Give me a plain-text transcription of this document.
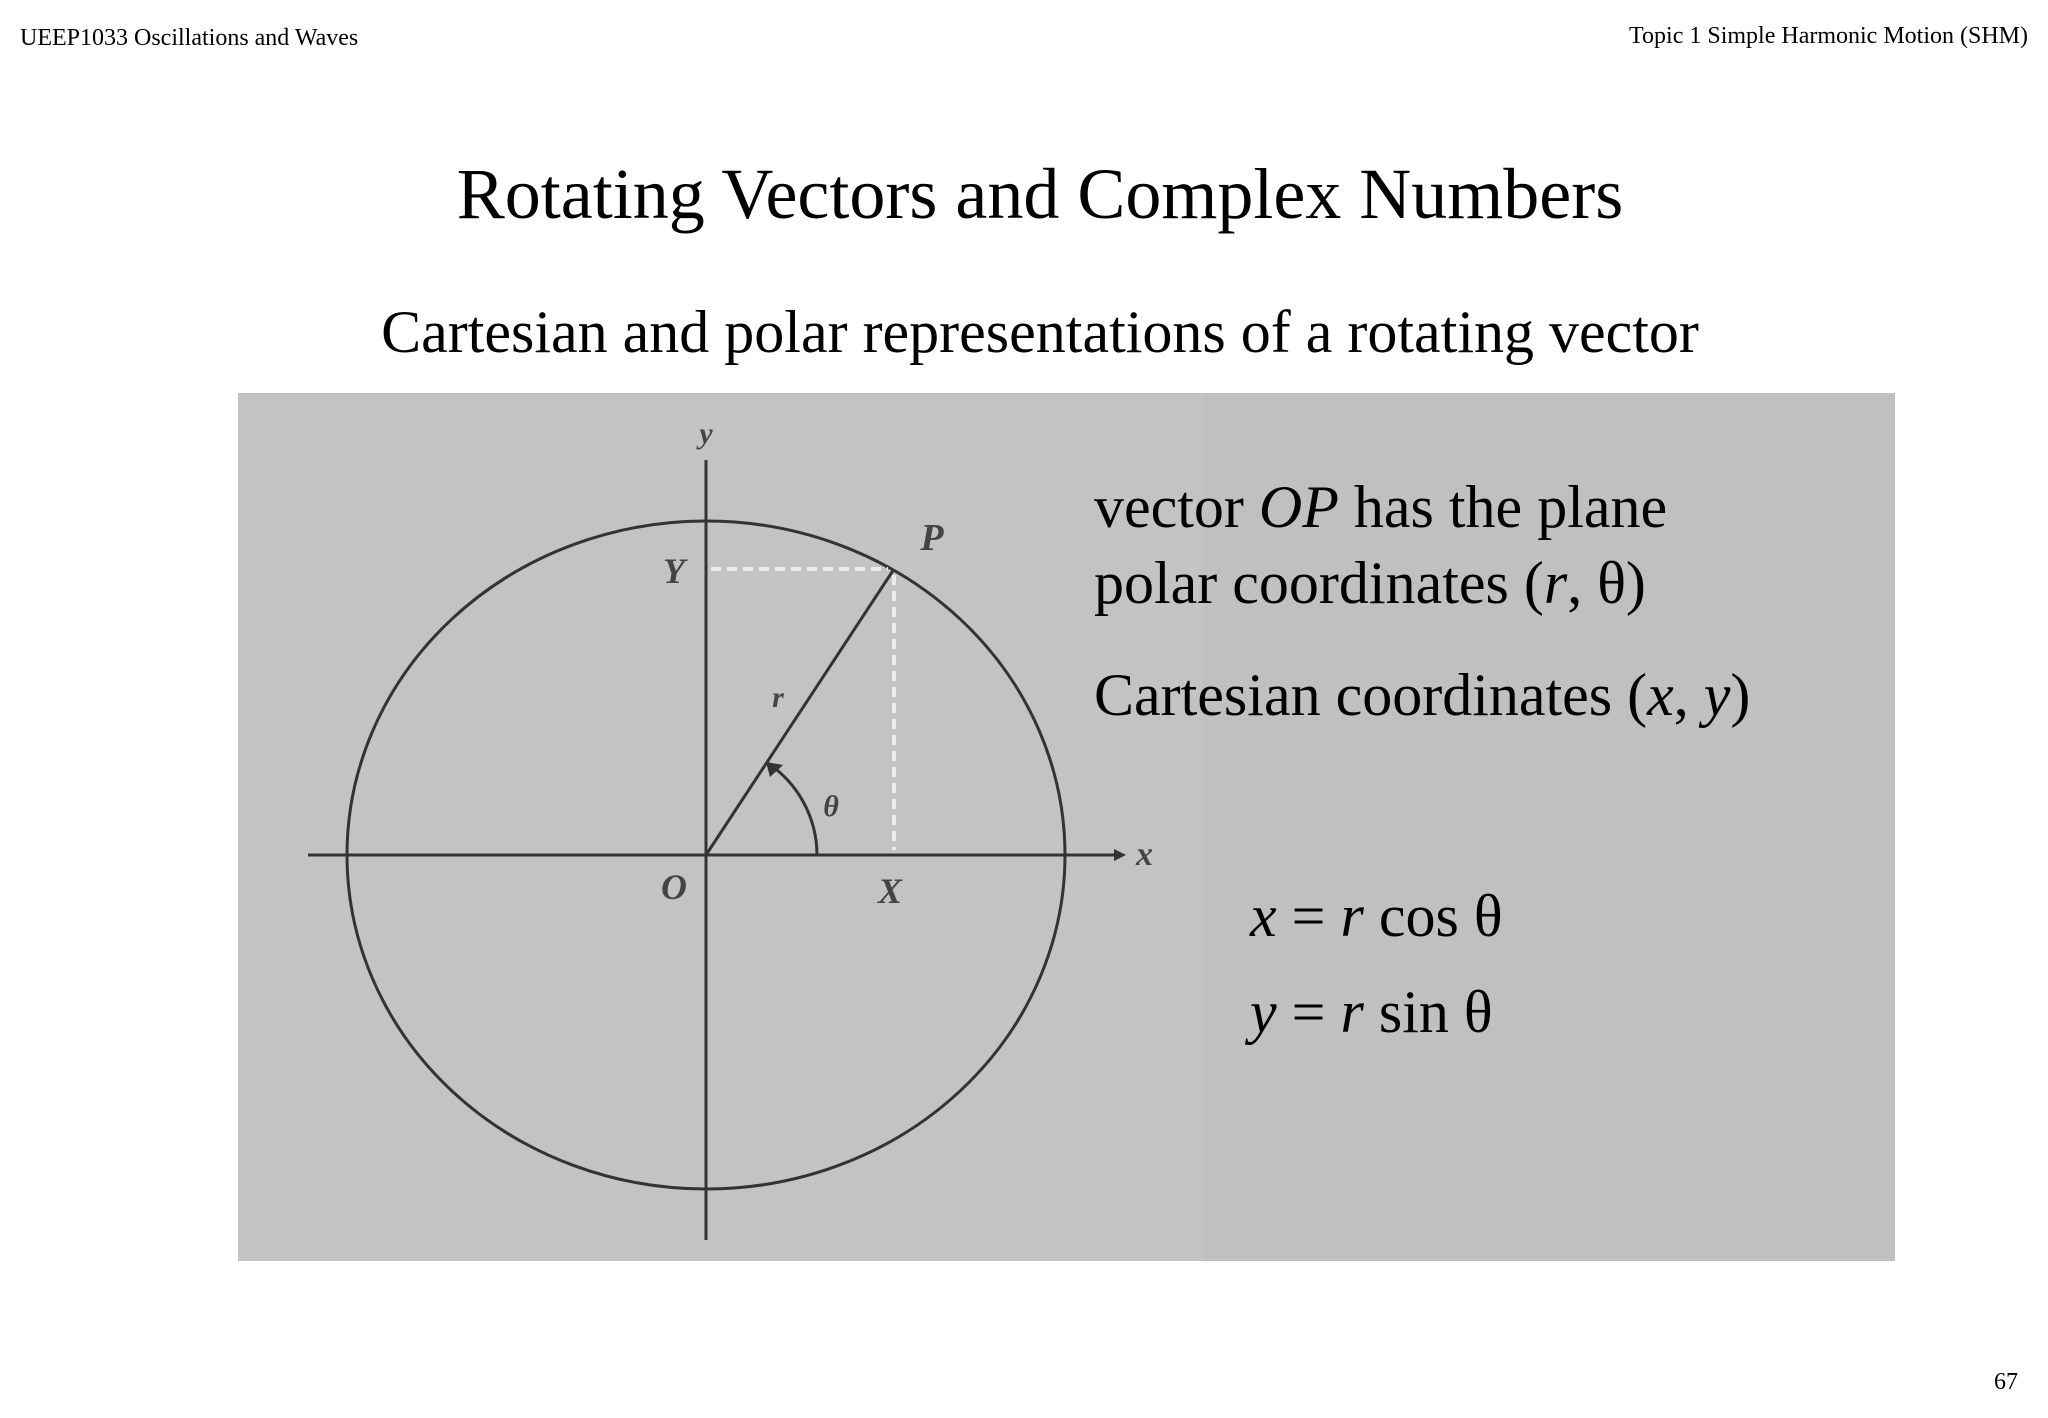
UEEP1033 Oscillations and Waves	Topic 1 Simple Harmonic Motion (SHM)
Rotating Vectors and Complex Numbers
Cartesian and polar representations of a rotating vector
y
x
O
P
Y
X
r
θ
vector OP has the plane
polar coordinates (r, θ)
Cartesian coordinates (x, y)
x = r cos θ
y = r sin θ
67
